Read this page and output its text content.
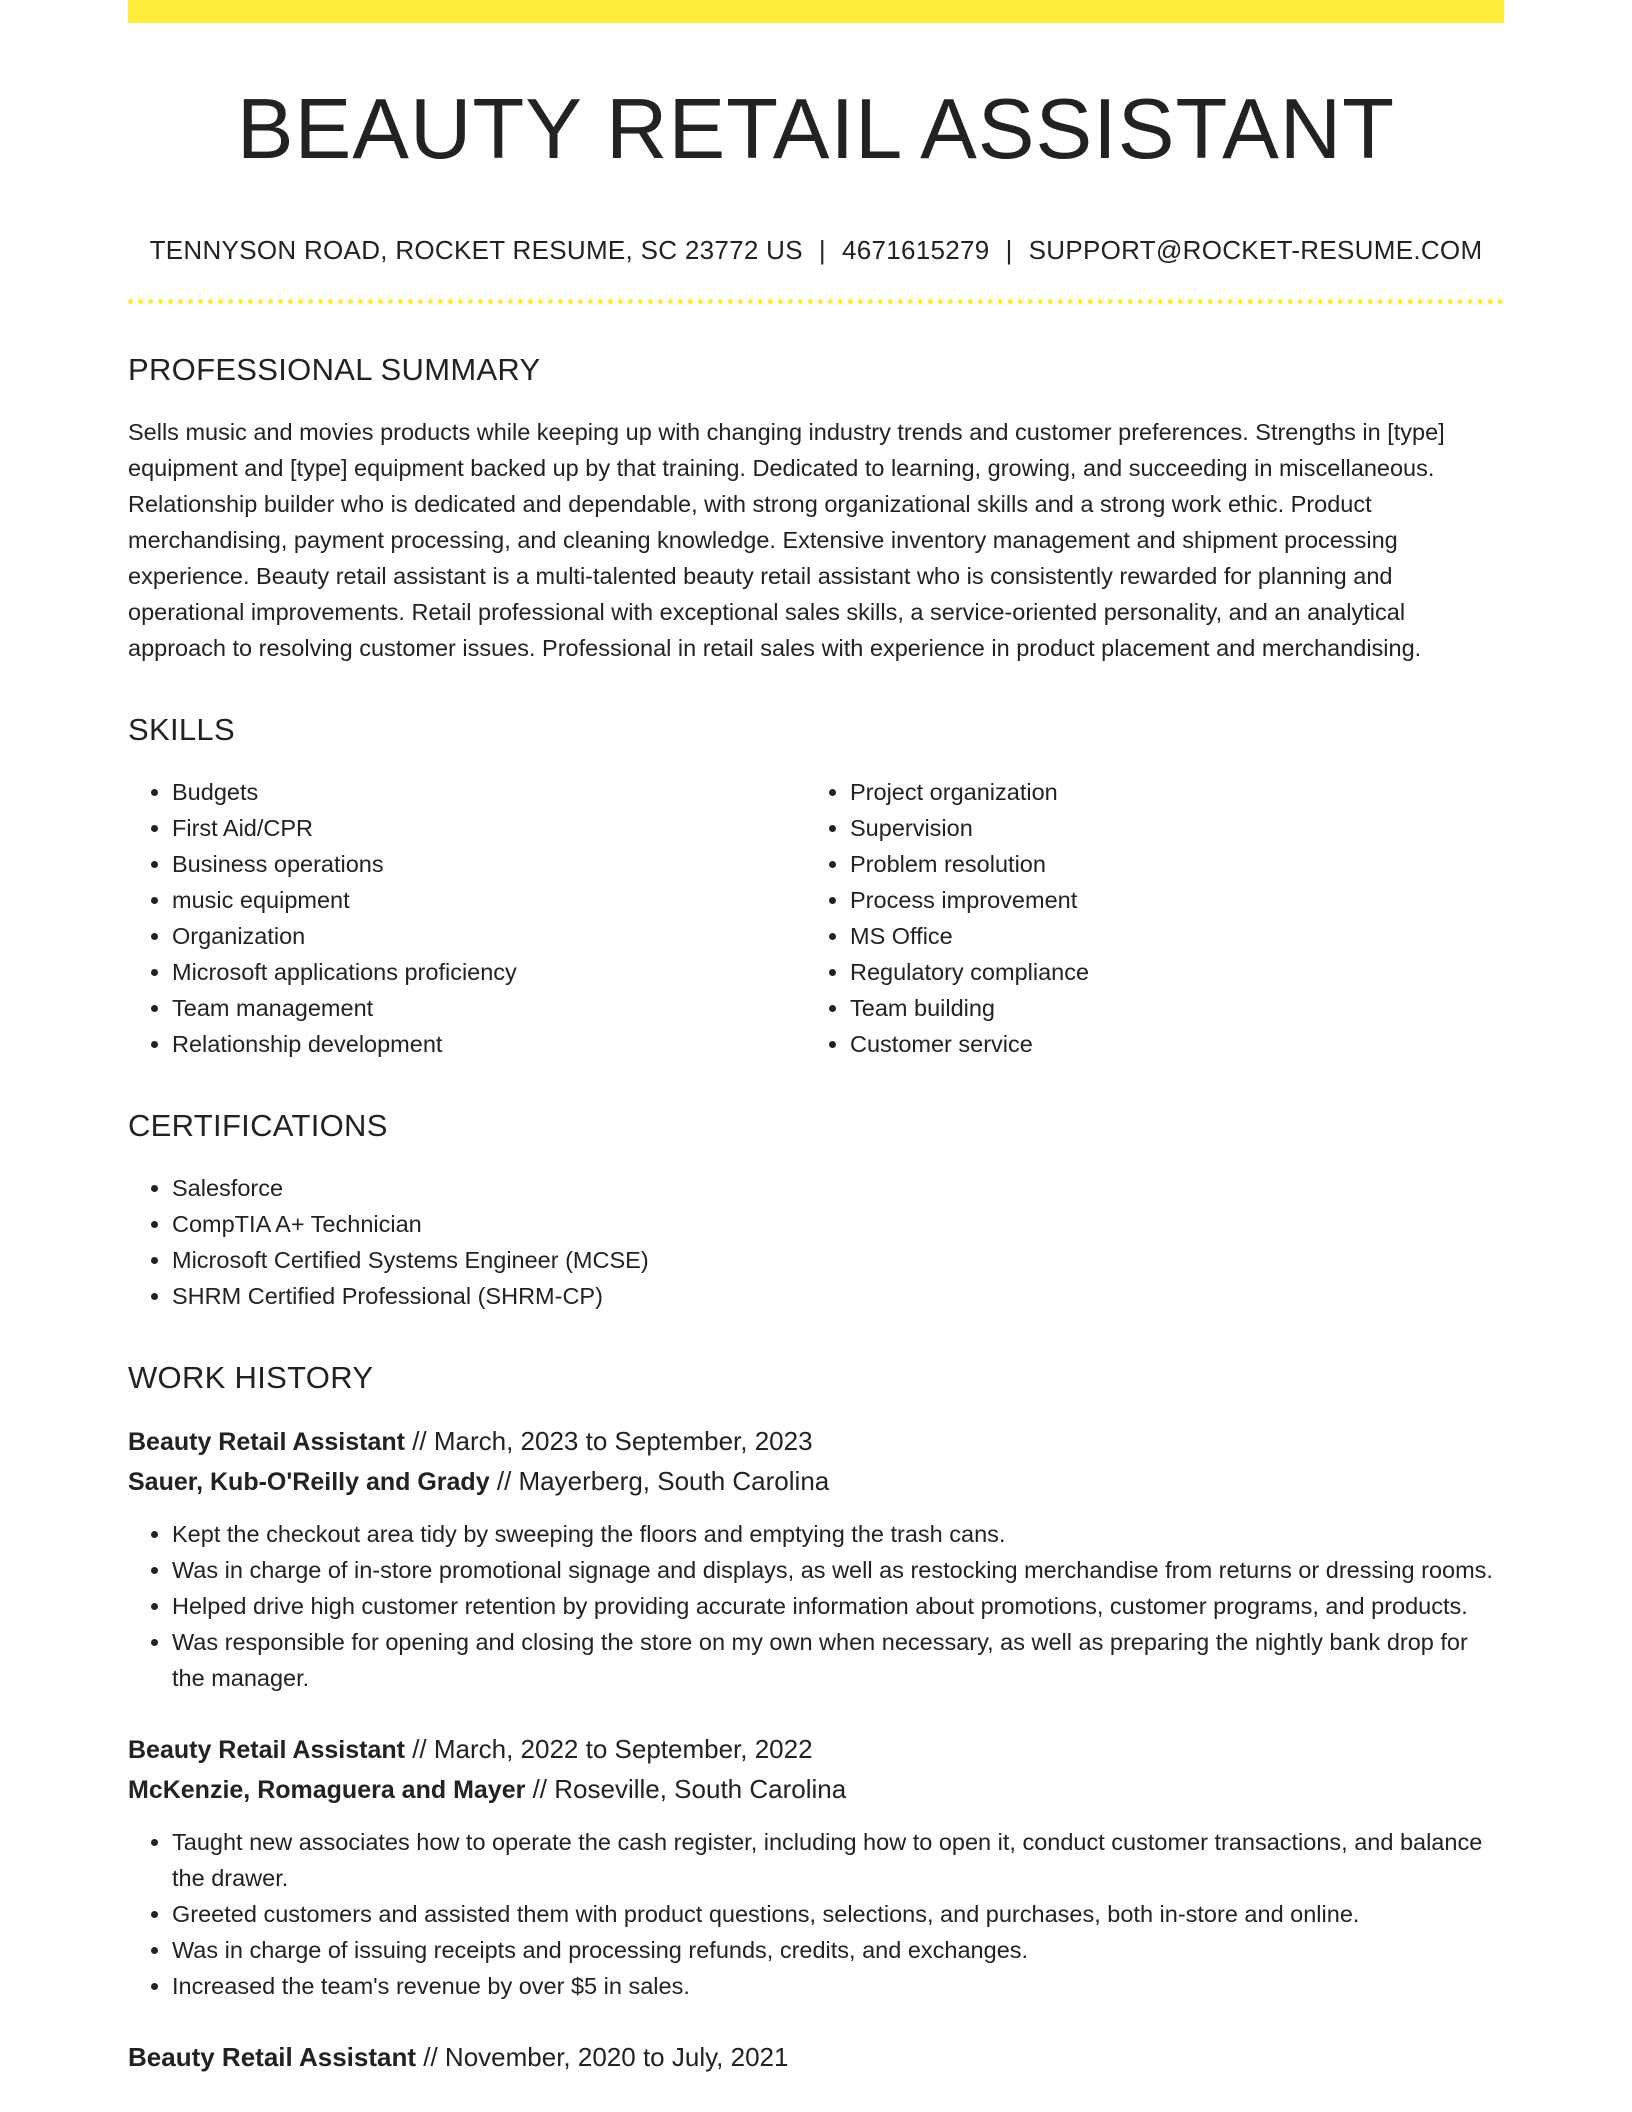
BEAUTY RETAIL ASSISTANT
TENNYSON ROAD, ROCKET RESUME, SC 23772 US | 4671615279 | SUPPORT@ROCKET-RESUME.COM
PROFESSIONAL SUMMARY

Sells music and movies products while keeping up with changing industry trends and customer preferences. Strengths in [type] equipment and [type] equipment backed up by that training. Dedicated to learning, growing, and succeeding in miscellaneous. Relationship builder who is dedicated and dependable, with strong organizational skills and a strong work ethic. Product merchandising, payment processing, and cleaning knowledge. Extensive inventory management and shipment processing experience. Beauty retail assistant is a multi-talented beauty retail assistant who is consistently rewarded for planning and operational improvements. Retail professional with exceptional sales skills, a service-oriented personality, and an analytical approach to resolving customer issues. Professional in retail sales with experience in product placement and merchandising.

SKILLS
• Budgets
• First Aid/CPR
• Business operations
• music equipment
• Organization
• Microsoft applications proficiency
• Team management
• Relationship development
• Project organization
• Supervision
• Problem resolution
• Process improvement
• MS Office
• Regulatory compliance
• Team building
• Customer service
CERTIFICATIONS
• Salesforce
• CompTIA A+ Technician
• Microsoft Certified Systems Engineer (MCSE)
• SHRM Certified Professional (SHRM-CP)
WORK HISTORY
Beauty Retail Assistant // March, 2023 to September, 2023
Sauer, Kub-O'Reilly and Grady // Mayerberg, South Carolina
• Kept the checkout area tidy by sweeping the floors and emptying the trash cans.
• Was in charge of in-store promotional signage and displays, as well as restocking merchandise from returns or dressing rooms.
• Helped drive high customer retention by providing accurate information about promotions, customer programs, and products.
• Was responsible for opening and closing the store on my own when necessary, as well as preparing the nightly bank drop for the manager.
Beauty Retail Assistant // March, 2022 to September, 2022
McKenzie, Romaguera and Mayer // Roseville, South Carolina
• Taught new associates how to operate the cash register, including how to open it, conduct customer transactions, and balance the drawer.
• Greeted customers and assisted them with product questions, selections, and purchases, both in-store and online.
• Was in charge of issuing receipts and processing refunds, credits, and exchanges.
• Increased the team's revenue by over $5 in sales.
Beauty Retail Assistant // November, 2020 to July, 2021
